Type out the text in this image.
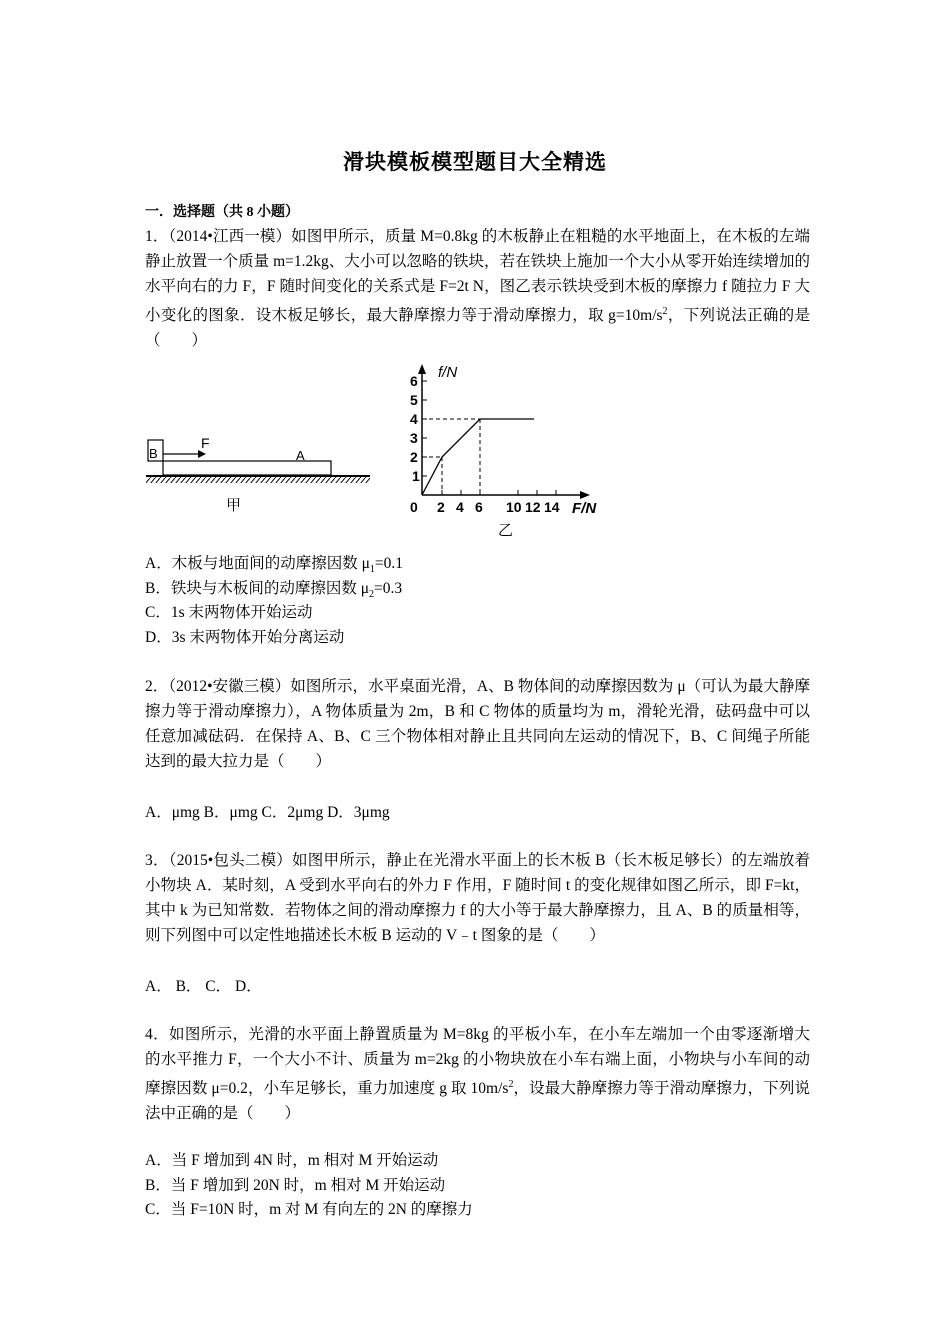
滑块模板模型题目大全精选
一．选择题（共 8 小题）
1．（2014•江西一模）如图甲所示，质量 M=0.8kg 的木板静止在粗糙的水平地面上，在木板的左端静止放置一个质量 m=1.2kg、大小可以忽略的铁块，若在铁块上施加一个大小从零开始连续增加的水平向右的力 F，F 随时间变化的关系式是 F=2t N，图乙表示铁块受到木板的摩擦力 f 随拉力 F 大小变化的图象．设木板足够长，最大静摩擦力等于滑动摩擦力，取 $g=10m/s^2$，下列说法正确的是（　　）
B	A
F
甲
f/N
F/N
6
5
4
3
2
1
0 2 4 6 10 12 14
乙
A．木板与地面间的动摩擦因数 $\mu_1=0.1$
B．铁块与木板间的动摩擦因数 $\mu_2=0.3$
C．1s 末两物体开始运动
D．3s 末两物体开始分离运动
2．（2012•安徽三模）如图所示，水平桌面光滑，A、B 物体间的动摩擦因数为 μ（可认为最大静摩擦力等于滑动摩擦力），A 物体质量为 2m，B 和 C 物体的质量均为 m，滑轮光滑，砝码盘中可以任意加减砝码．在保持 A、B、C 三个物体相对静止且共同向左运动的情况下，B、C 间绳子所能达到的最大拉力是（　　）
A．μmg B．μmg C．2μmg D．3μmg
3．（2015•包头二模）如图甲所示，静止在光滑水平面上的长木板 B（长木板足够长）的左端放着小物块 A．某时刻，A 受到水平向右的外力 F 作用，F 随时间 t 的变化规律如图乙所示，即 F=kt，其中 k 为已知常数．若物体之间的滑动摩擦力 f 的大小等于最大静摩擦力，且 A、B 的质量相等，则下列图中可以定性地描述长木板 B 运动的 V﹣t 图象的是（　　）
A． B． C． D．
4．如图所示，光滑的水平面上静置质量为 M=8kg 的平板小车，在小车左端加一个由零逐渐增大的水平推力 F，一个大小不计、质量为 m=2kg 的小物块放在小车右端上面，小物块与小车间的动摩擦因数 μ=0.2，小车足够长，重力加速度 g 取 $10m/s^2$，设最大静摩擦力等于滑动摩擦力，下列说法中正确的是（　　）
A．当 F 增加到 4N 时，m 相对 M 开始运动
B．当 F 增加到 20N 时，m 相对 M 开始运动
C．当 F=10N 时，m 对 M 有向左的 2N 的摩擦力
